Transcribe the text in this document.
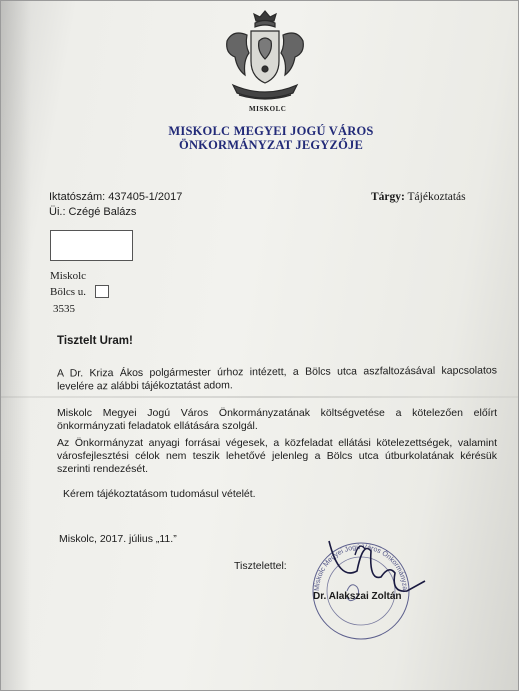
MISKOLC
MISKOLC MEGYEI JOGÚ VÁROS
ÖNKORMÁNYZAT JEGYZŐJE
Iktatószám: 437405-1/2017
Üi.: Czégé Balázs
Tárgy: Tájékoztatás
Miskolc
Bölcs u.
3535
Tisztelt Uram!
A Dr. Kriza Ákos polgármester úrhoz intézett, a Bölcs utca aszfaltozásával kapcsolatos levelére az alábbi tájékoztatást adom.
Miskolc Megyei Jogú Város Önkormányzatának költségvetése a kötelezően előírt önkormányzati feladatok ellátására szolgál.
Az Önkormányzat anyagi forrásai végesek, a közfeladat ellátási kötelezettségek, valamint városfejlesztési célok nem teszik lehetővé jelenleg a Bölcs utca útburkolatának kérésük szerinti rendezését.
Kérem tájékoztatásom tudomásul vételét.
Miskolc, 2017. július „11.”
Tisztelettel:
Miskolc Megyei Jogú Város Önkormányzat
Dr. Alakszai Zoltán
